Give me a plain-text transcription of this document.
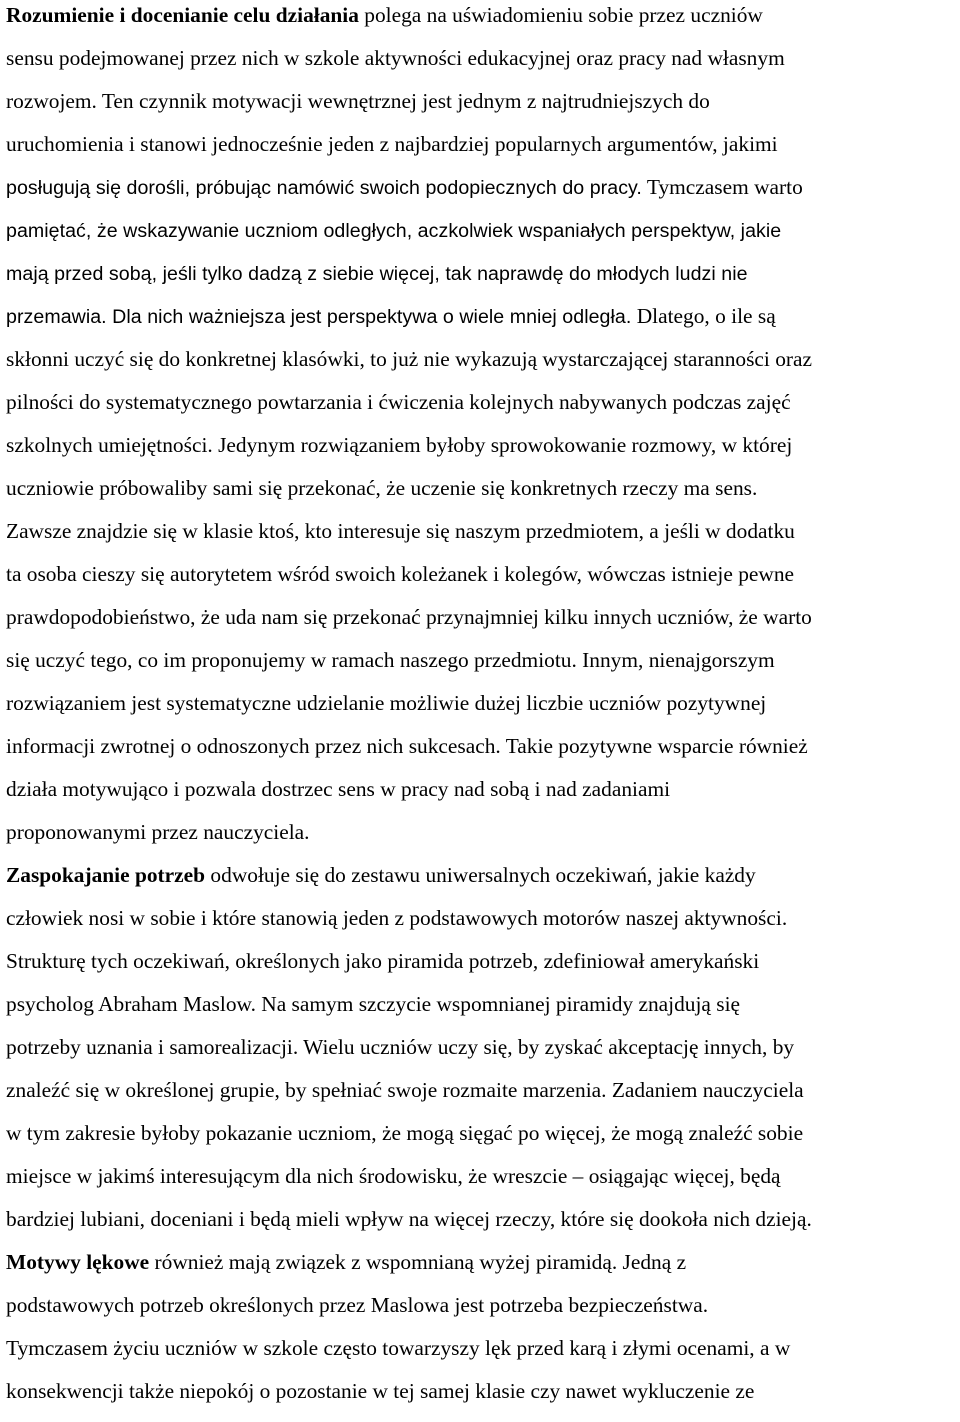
Rozumienie i docenianie celu działania polega na uświadomieniu sobie przez uczniów
sensu podejmowanej przez nich w szkole aktywności edukacyjnej oraz pracy nad własnym
rozwojem. Ten czynnik motywacji wewnętrznej jest jednym z najtrudniejszych do
uruchomienia i stanowi jednocześnie jeden z najbardziej popularnych argumentów, jakimi
posługują się dorośli, próbując namówić swoich podopiecznych do pracy. Tymczasem warto
pamiętać, że wskazywanie uczniom odległych, aczkolwiek wspaniałych perspektyw, jakie
mają przed sobą, jeśli tylko dadzą z siebie więcej, tak naprawdę do młodych ludzi nie
przemawia. Dla nich ważniejsza jest perspektywa o wiele mniej odległa. Dlatego, o ile są
skłonni uczyć się do konkretnej klasówki, to już nie wykazują wystarczającej staranności oraz
pilności do systematycznego powtarzania i ćwiczenia kolejnych nabywanych podczas zajęć
szkolnych umiejętności. Jedynym rozwiązaniem byłoby sprowokowanie rozmowy, w której
uczniowie próbowaliby sami się przekonać, że uczenie się konkretnych rzeczy ma sens.
Zawsze znajdzie się w klasie ktoś, kto interesuje się naszym przedmiotem, a jeśli w dodatku
ta osoba cieszy się autorytetem wśród swoich koleżanek i kolegów, wówczas istnieje pewne
prawdopodobieństwo, że uda nam się przekonać przynajmniej kilku innych uczniów, że warto
się uczyć tego, co im proponujemy w ramach naszego przedmiotu. Innym, nienajgorszym
rozwiązaniem jest systematyczne udzielanie możliwie dużej liczbie uczniów pozytywnej
informacji zwrotnej o odnoszonych przez nich sukcesach. Takie pozytywne wsparcie również
działa motywująco i pozwala dostrzec sens w pracy nad sobą i nad zadaniami
proponowanymi przez nauczyciela.
Zaspokajanie potrzeb odwołuje się do zestawu uniwersalnych oczekiwań, jakie każdy
człowiek nosi w sobie i które stanowią jeden z podstawowych motorów naszej aktywności.
Strukturę tych oczekiwań, określonych jako piramida potrzeb, zdefiniował amerykański
psycholog Abraham Maslow. Na samym szczycie wspomnianej piramidy znajdują się
potrzeby uznania i samorealizacji. Wielu uczniów uczy się, by zyskać akceptację innych, by
znaleźć się w określonej grupie, by spełniać swoje rozmaite marzenia. Zadaniem nauczyciela
w tym zakresie byłoby pokazanie uczniom, że mogą sięgać po więcej, że mogą znaleźć sobie
miejsce w jakimś interesującym dla nich środowisku, że wreszcie – osiągając więcej, będą
bardziej lubiani, doceniani i będą mieli wpływ na więcej rzeczy, które się dookoła nich dzieją.
Motywy lękowe również mają związek z wspomnianą wyżej piramidą. Jedną z
podstawowych potrzeb określonych przez Maslowa jest potrzeba bezpieczeństwa.
Tymczasem życiu uczniów w szkole często towarzyszy lęk przed karą i złymi ocenami, a w
konsekwencji także niepokój o pozostanie w tej samej klasie czy nawet wykluczenie ze
